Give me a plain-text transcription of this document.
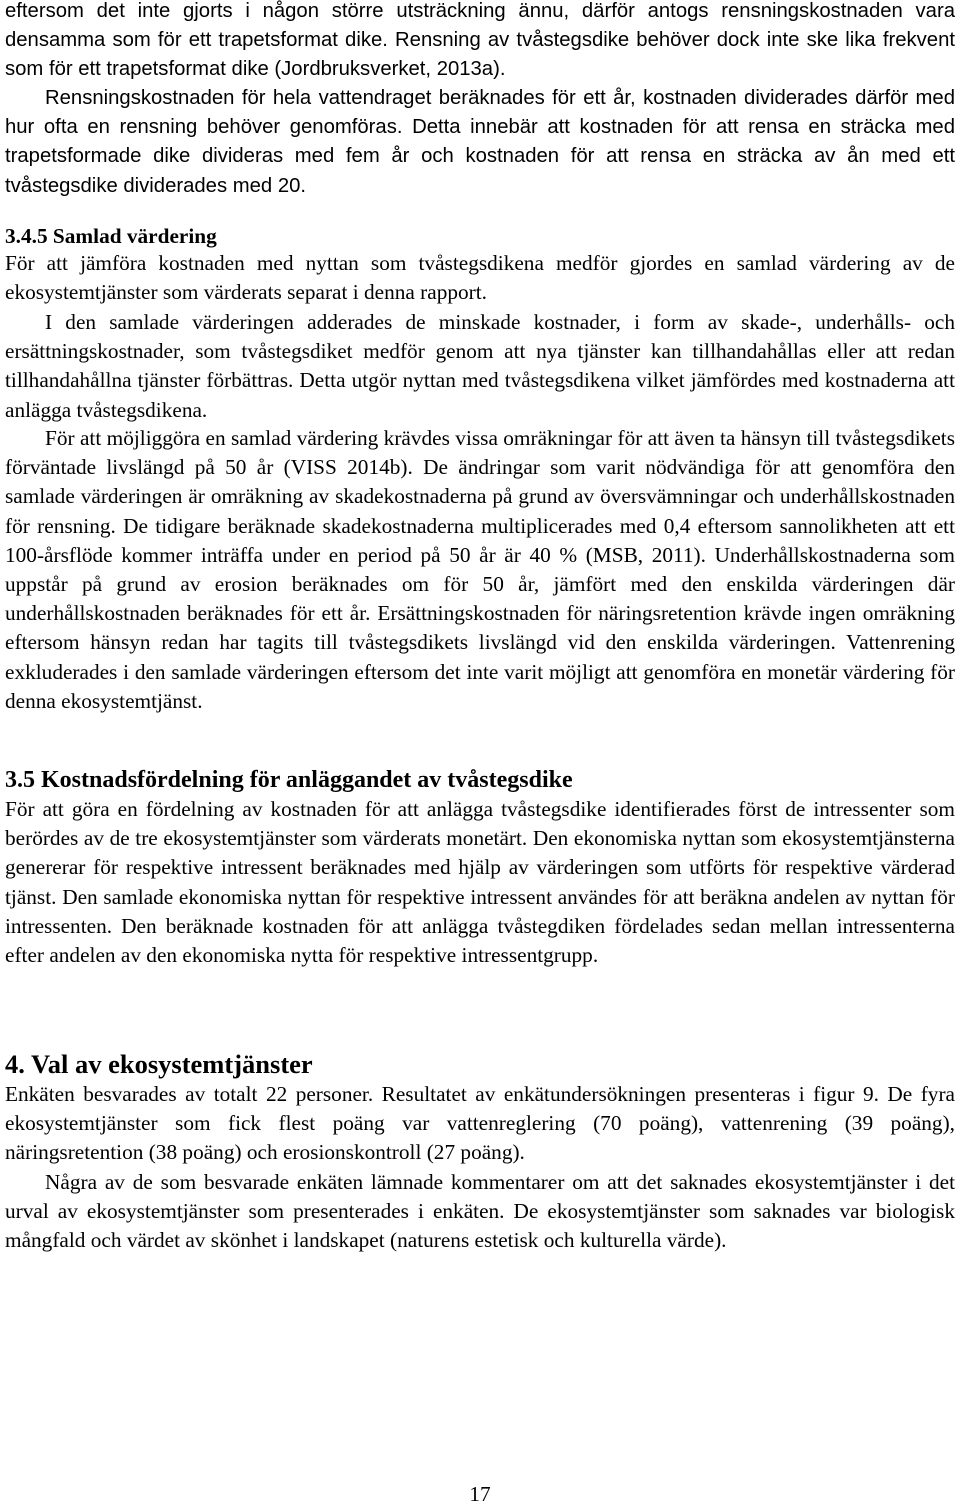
eftersom det inte gjorts i någon större utsträckning ännu, därför antogs rensningskostnaden vara densamma som för ett trapetsformat dike. Rensning av tvåstegsdike behöver dock inte ske lika frekvent som för ett trapetsformat dike (Jordbruksverket, 2013a).

Rensningskostnaden för hela vattendraget beräknades för ett år, kostnaden dividerades därför med hur ofta en rensning behöver genomföras. Detta innebär att kostnaden för att rensa en sträcka med trapetsformade dike divideras med fem år och kostnaden för att rensa en sträcka av ån med ett tvåstegsdike dividerades med 20.

3.4.5 Samlad värdering

För att jämföra kostnaden med nyttan som tvåstegsdikena medför gjordes en samlad värdering av de ekosystemtjänster som värderats separat i denna rapport.

I den samlade värderingen adderades de minskade kostnader, i form av skade-, underhålls- och ersättningskostnader, som tvåstegsdiket medför genom att nya tjänster kan tillhandahållas eller att redan tillhandahållna tjänster förbättras. Detta utgör nyttan med tvåstegsdikena vilket jämfördes med kostnaderna att anlägga tvåstegsdikena.

För att möjliggöra en samlad värdering krävdes vissa omräkningar för att även ta hänsyn till tvåstegsdikets förväntade livslängd på 50 år (VISS 2014b). De ändringar som varit nödvändiga för att genomföra den samlade värderingen är omräkning av skadekostnaderna på grund av översvämningar och underhållskostnaden för rensning. De tidigare beräknade skadekostnaderna multiplicerades med 0,4 eftersom sannolikheten att ett 100-årsflöde kommer inträffa under en period på 50 år är 40 % (MSB, 2011). Underhållskostnaderna som uppstår på grund av erosion beräknades om för 50 år, jämfört med den enskilda värderingen där underhållskostnaden beräknades för ett år. Ersättningskostnaden för näringsretention krävde ingen omräkning eftersom hänsyn redan har tagits till tvåstegsdikets livslängd vid den enskilda värderingen. Vattenrening exkluderades i den samlade värderingen eftersom det inte varit möjligt att genomföra en monetär värdering för denna ekosystemtjänst.

3.5 Kostnadsfördelning för anläggandet av tvåstegsdike

För att göra en fördelning av kostnaden för att anlägga tvåstegsdike identifierades först de intressenter som berördes av de tre ekosystemtjänster som värderats monetärt. Den ekonomiska nyttan som ekosystemtjänsterna genererar för respektive intressent beräknades med hjälp av värderingen som utförts för respektive värderad tjänst. Den samlade ekonomiska nyttan för respektive intressent användes för att beräkna andelen av nyttan för intressenten. Den beräknade kostnaden för att anlägga tvåstegdiken fördelades sedan mellan intressenterna efter andelen av den ekonomiska nytta för respektive intressentgrupp.

4. Val av ekosystemtjänster

Enkäten besvarades av totalt 22 personer. Resultatet av enkätundersökningen presenteras i figur 9. De fyra ekosystemtjänster som fick flest poäng var vattenreglering (70 poäng), vattenrening (39 poäng), näringsretention (38 poäng) och erosionskontroll (27 poäng).

Några av de som besvarade enkäten lämnade kommentarer om att det saknades ekosystemtjänster i det urval av ekosystemtjänster som presenterades i enkäten. De ekosystemtjänster som saknades var biologisk mångfald och värdet av skönhet i landskapet (naturens estetisk och kulturella värde).

17
